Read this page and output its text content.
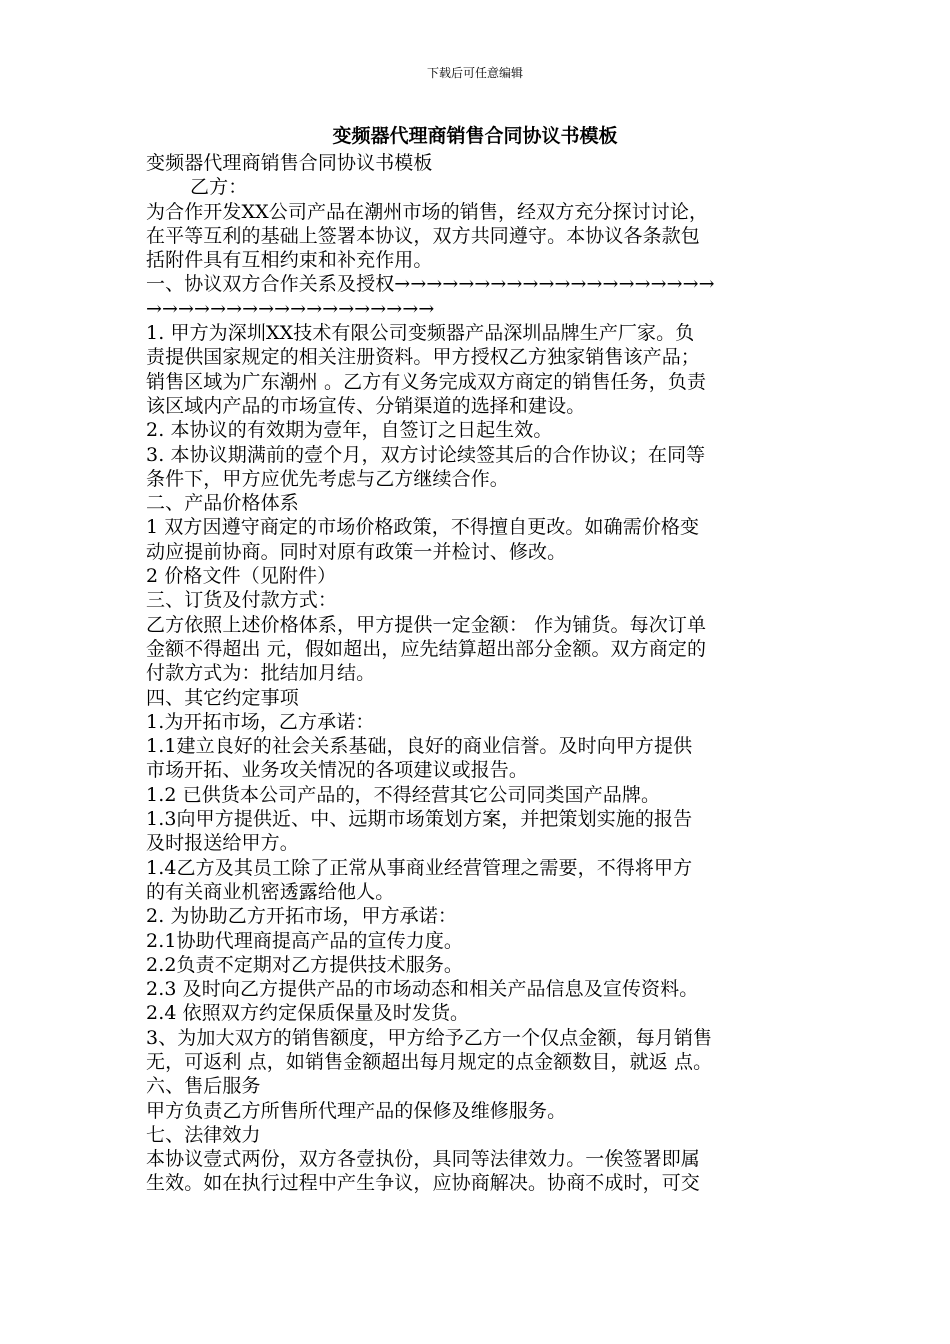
下载后可任意编辑
变频器代理商销售合同协议书模板
变频器代理商销售合同协议书模板
乙方：
为合作开发XX公司产品在潮州市场的销售，经双方充分探讨讨论，
在平等互利的基础上签署本协议，双方共同遵守。本协议各条款包
括附件具有互相约束和补充作用。
一、协议双方合作关系及授权→→→→→→→→→→→→→→→→→→→→
→→→→→→→→→→→→→→→→→→
1. 甲方为深圳XX技术有限公司变频器产品深圳品牌生产厂家。负
责提供国家规定的相关注册资料。甲方授权乙方独家销售该产品；
销售区域为广东潮州 。乙方有义务完成双方商定的销售任务，负责
该区域内产品的市场宣传、分销渠道的选择和建设。
2. 本协议的有效期为壹年，自签订之日起生效。
3. 本协议期满前的壹个月，双方讨论续签其后的合作协议；在同等
条件下，甲方应优先考虑与乙方继续合作。
二、产品价格体系
1 双方因遵守商定的市场价格政策，不得擅自更改。如确需价格变
动应提前协商。同时对原有政策一并检讨、修改。
2 价格文件（见附件）
三、订货及付款方式：
乙方依照上述价格体系，甲方提供一定金额： 作为铺货。每次订单
金额不得超出 元，假如超出，应先结算超出部分金额。双方商定的
付款方式为：批结加月结。
四、其它约定事项
1.为开拓市场，乙方承诺：
1.1建立良好的社会关系基础，良好的商业信誉。及时向甲方提供
市场开拓、业务攻关情况的各项建议或报告。
1.2 已供货本公司产品的，不得经营其它公司同类国产品牌。
1.3向甲方提供近、中、远期市场策划方案，并把策划实施的报告
及时报送给甲方。
1.4乙方及其员工除了正常从事商业经营管理之需要，不得将甲方
的有关商业机密透露给他人。
2. 为协助乙方开拓市场，甲方承诺：
2.1协助代理商提高产品的宣传力度。
2.2负责不定期对乙方提供技术服务。
2.3 及时向乙方提供产品的市场动态和相关产品信息及宣传资料。
2.4 依照双方约定保质保量及时发货。
3、为加大双方的销售额度，甲方给予乙方一个仅点金额，每月销售
无，可返利 点，如销售金额超出每月规定的点金额数目，就返 点。
六、售后服务
甲方负责乙方所售所代理产品的保修及维修服务。
七、法律效力
本协议壹式两份，双方各壹执份，具同等法律效力。一俟签署即属
生效。如在执行过程中产生争议，应协商解决。协商不成时，可交
